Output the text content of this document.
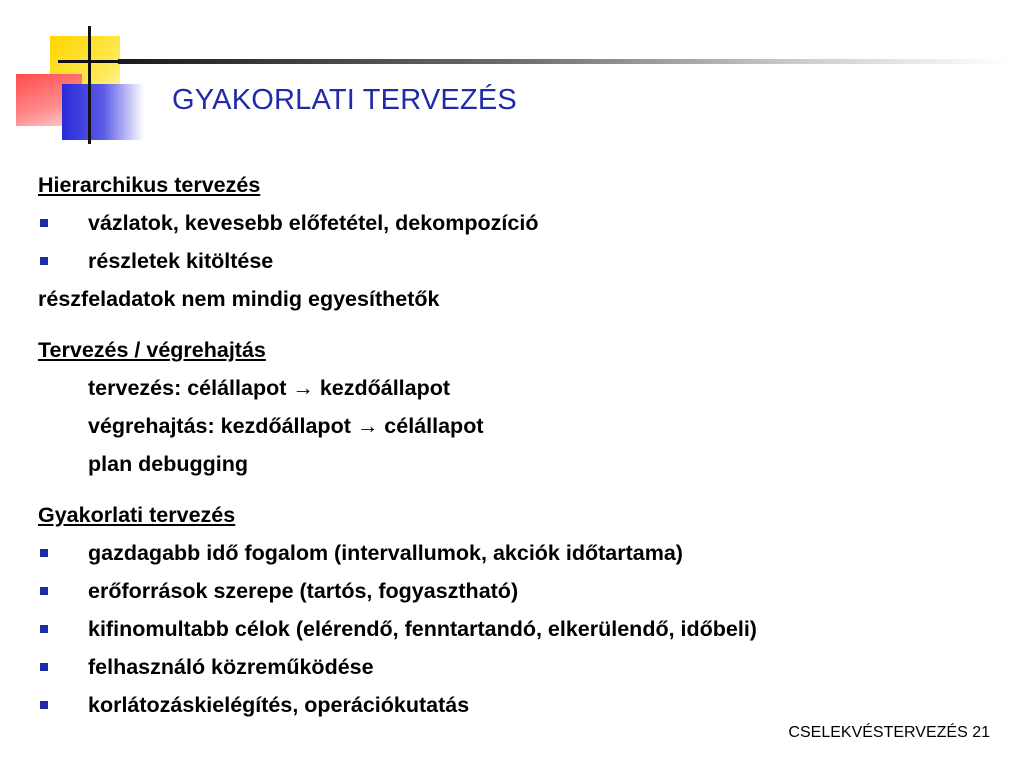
GYAKORLATI TERVEZÉS
Hierarchikus tervezés
vázlatok, kevesebb előfetétel, dekompozíció
részletek kitöltése
részfeladatok nem mindig egyesíthetők
Tervezés / végrehajtás
tervezés: célállapot → kezdőállapot
végrehajtás: kezdőállapot → célállapot
plan debugging
Gyakorlati tervezés
gazdagabb idő fogalom (intervallumok, akciók időtartama)
erőforrások szerepe (tartós, fogyasztható)
kifinomultabb célok (elérendő, fenntartandó, elkerülendő, időbeli)
felhasználó közreműködése
korlátozáskielégítés, operációkutatás
CSELEKVÉSTERVEZÉS 21
